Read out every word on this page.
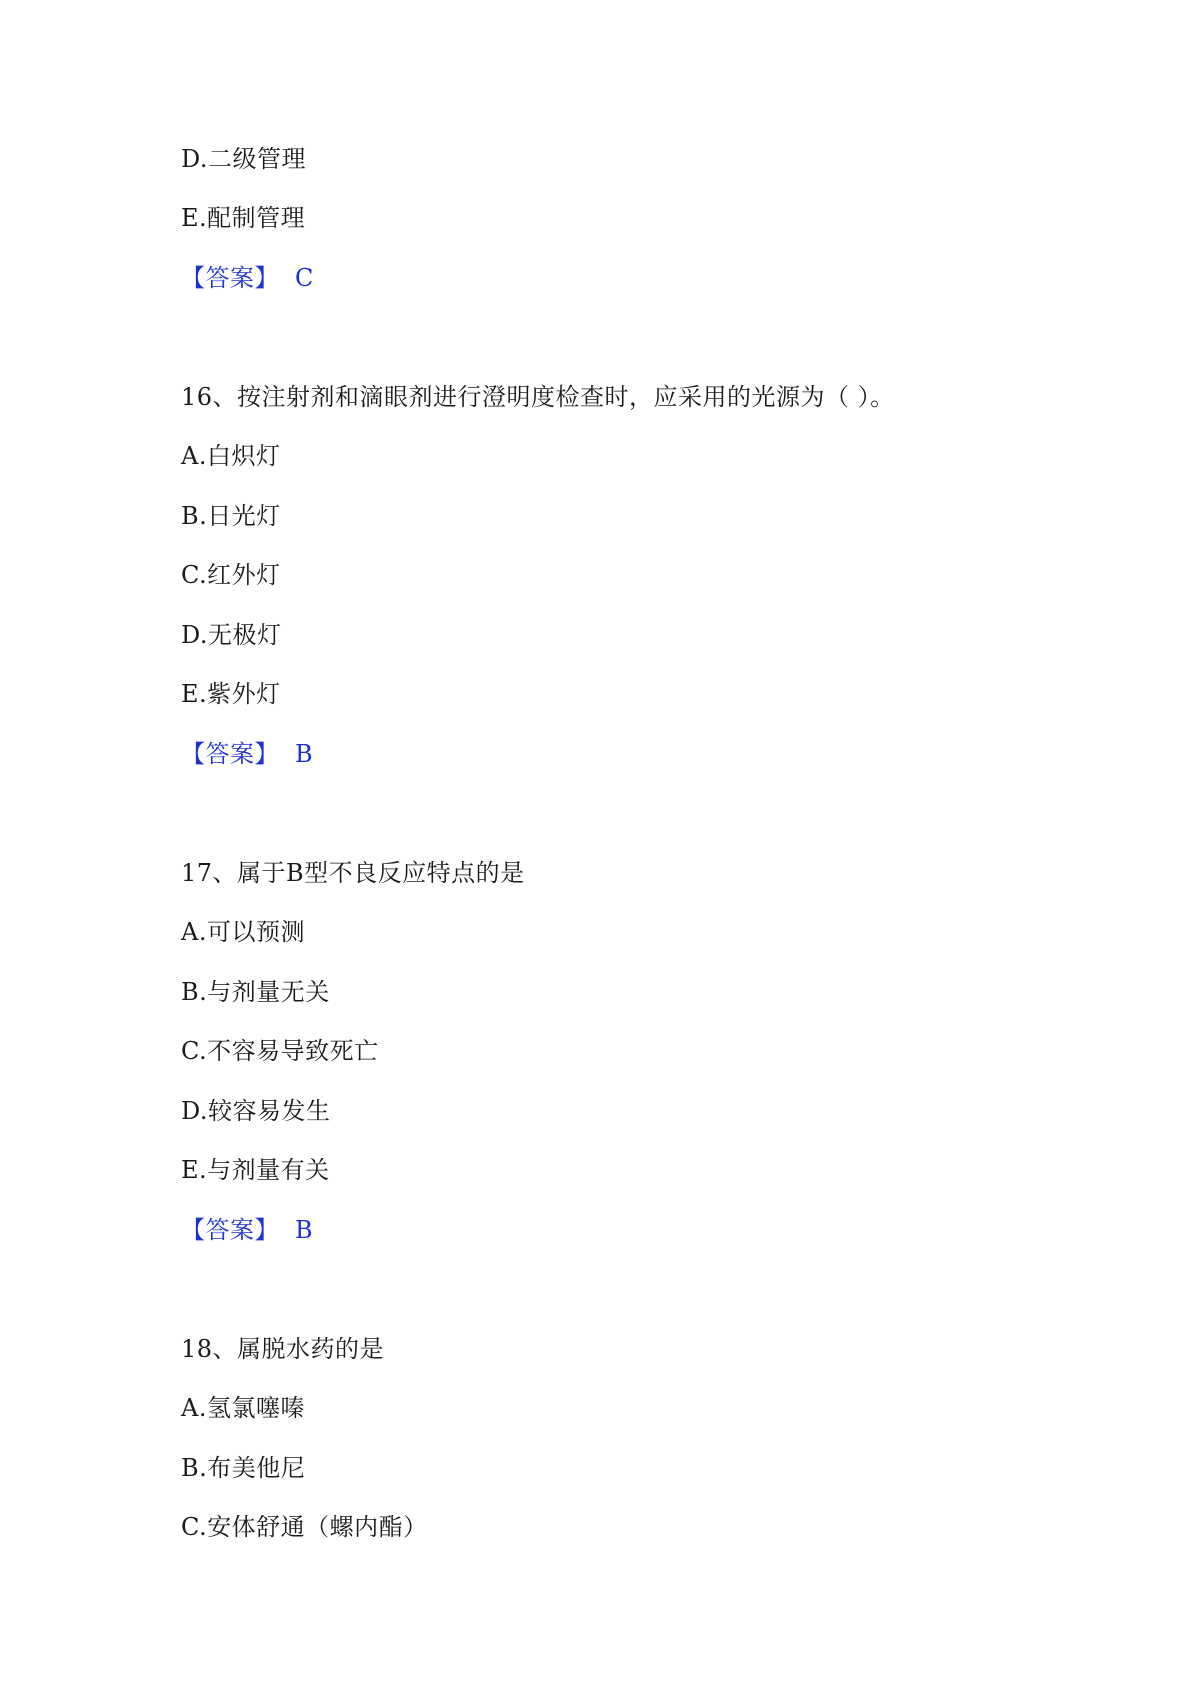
D.二级管理
E.配制管理
【答案】 C
16、按注射剂和滴眼剂进行澄明度检查时，应采用的光源为（ ）。
A.白炽灯
B.日光灯
C.红外灯
D.无极灯
E.紫外灯
【答案】 B
17、属于B型不良反应特点的是
A.可以预测
B.与剂量无关
C.不容易导致死亡
D.较容易发生
E.与剂量有关
【答案】 B
18、属脱水药的是
A.氢氯噻嗪
B.布美他尼
C.安体舒通（螺内酯）
